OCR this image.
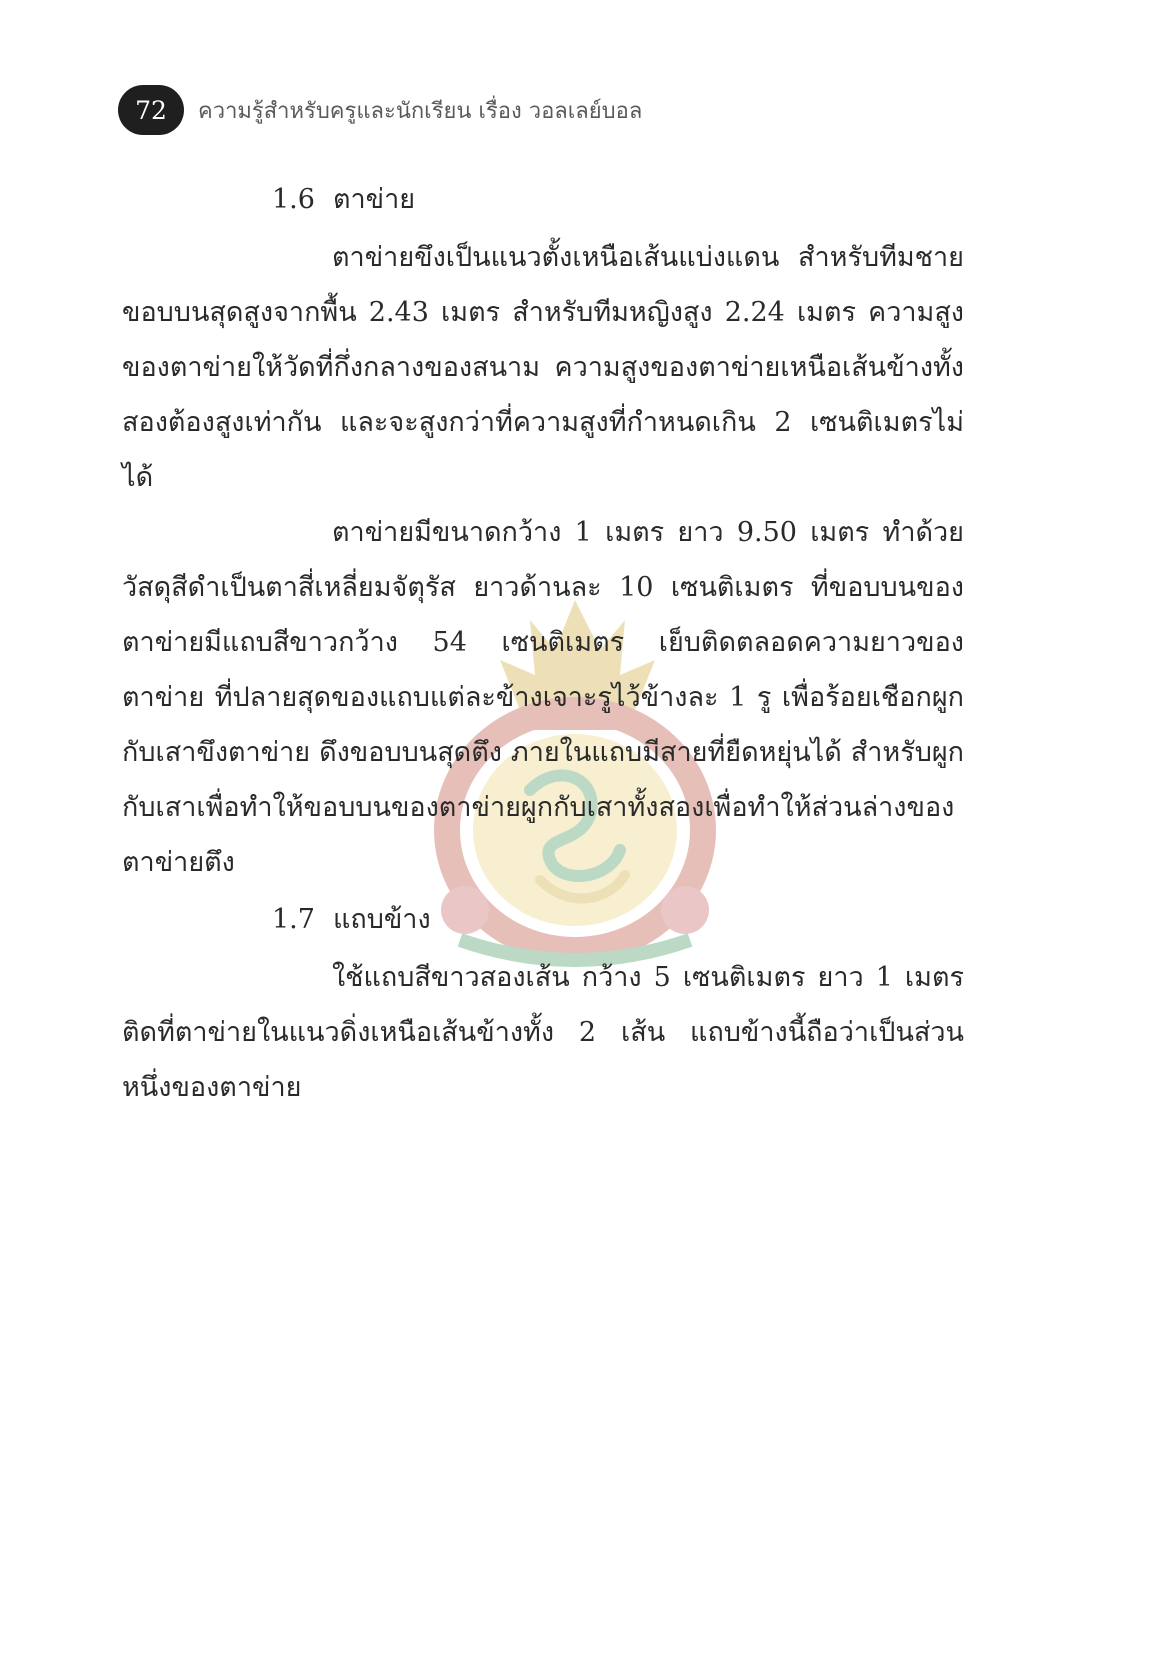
72 ความรู้สำหรับครูและนักเรียน เรื่อง วอลเลย์บอล
1.6 ตาข่าย

ตาข่ายขึงเป็นแนวตั้งเหนือเส้นแบ่งแดน สำหรับทีมชายขอบบนสุดสูงจากพื้น 2.43 เมตร สำหรับทีมหญิงสูง 2.24 เมตร ความสูงของตาข่ายให้วัดที่กึ่งกลางของสนาม ความสูงของตาข่ายเหนือเส้นข้างทั้งสองต้องสูงเท่ากัน และจะสูงกว่าที่ความสูงที่กำหนดเกิน 2 เซนติเมตรไม่ได้

ตาข่ายมีขนาดกว้าง 1 เมตร ยาว 9.50 เมตร ทำด้วยวัสดุสีดำเป็นตาสี่เหลี่ยมจัตุรัส ยาวด้านละ 10 เซนติเมตร ที่ขอบบนของตาข่ายมีแถบสีขาวกว้าง 54 เซนติเมตร เย็บติดตลอดความยาวของตาข่าย ที่ปลายสุดของแถบแต่ละข้างเจาะรูไว้ข้างละ 1 รู เพื่อร้อยเชือกผูกกับเสาขึงตาข่าย ดึงขอบบนสุดตึง ภายในแถบมีสายที่ยืดหยุ่นได้ สำหรับผูกกับเสาเพื่อทำให้ขอบบนของตาข่ายผูกกับเสาทั้งสองเพื่อทำให้ส่วนล่างของตาข่ายตึง

1.7 แถบข้าง

ใช้แถบสีขาวสองเส้น กว้าง 5 เซนติเมตร ยาว 1 เมตร ติดที่ตาข่ายในแนวดิ่งเหนือเส้นข้างทั้ง 2 เส้น แถบข้างนี้ถือว่าเป็นส่วนหนึ่งของตาข่าย
